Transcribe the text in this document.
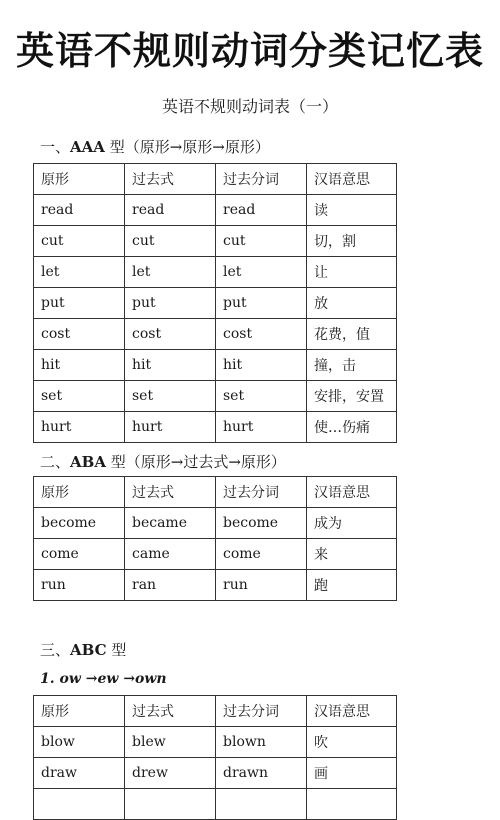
英语不规则动词分类记忆表
英语不规则动词表（一）
一、AAA 型（原形→原形→原形）
原形	过去式	过去分词	汉语意思
read	read	read	读
cut	cut	cut	切，割
let	let	let	让
put	put	put	放
cost	cost	cost	花费，值
hit	hit	hit	撞，击
set	set	set	安排，安置
hurt	hurt	hurt	使…伤痛
二、ABA 型（原形→过去式→原形）
原形	过去式	过去分词	汉语意思
become	became	become	成为
come	came	come	来
run	ran	run	跑
三、ABC 型
1. ow →ew →own
原形	过去式	过去分词	汉语意思
blow	blew	blown	吹
draw	drew	drawn	画
